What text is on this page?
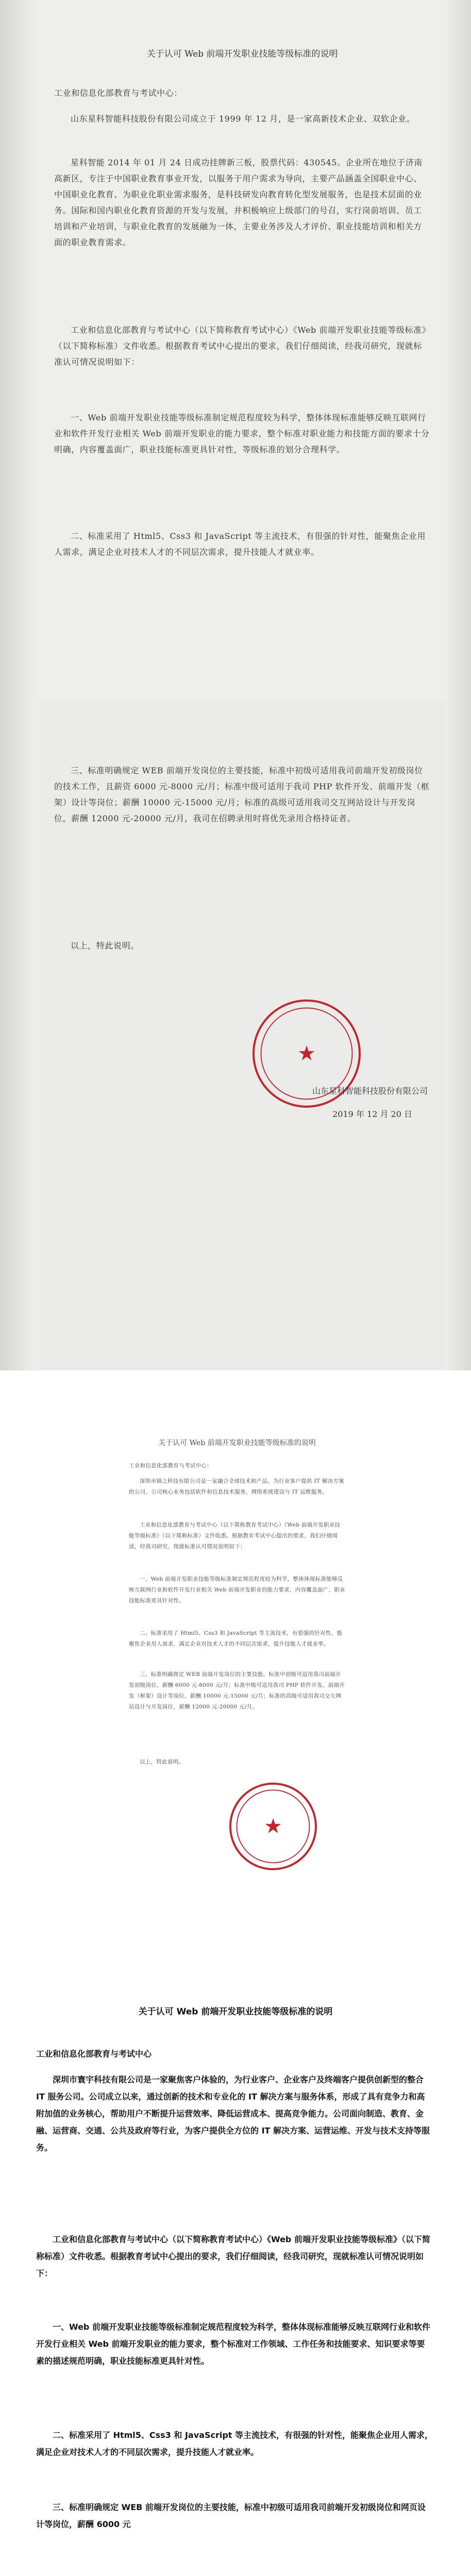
关于认可 Web 前端开发职业技能等级标准的说明

工业和信息化部教育与考试中心：

山东星科智能科技股份有限公司成立于 1999 年 12 月，是一家高新技术企业、双软企业。

星科智能 2014 年 01 月 24 日成功挂牌新三板，股票代码：430545。企业所在地位于济南高新区，专注于中国职业教育事业开发，以服务于用户需求为导向，主要产品涵盖全国职业中心、中国职业化教育、为职业化职业需求服务，是科技研发向教育转化型发展服务，也是技术层面的业务。国际和国内职业化教育资源的开发与发展，并积极响应上级部门的号召，实行岗前培训、员工培训和产业培训，与职业化教育的发展融为一体，主要业务涉及人才评价、职业技能培训和相关方面的职业教育需求。

工业和信息化部教育与考试中心（以下简称教育考试中心）《Web 前端开发职业技能等级标准》（以下简称标准）文件收悉。根据教育考试中心提出的要求，我们仔细阅读，经我司研究，现就标准认可情况说明如下：

一、Web 前端开发职业技能等级标准制定规范程度较为科学，整体体现标准能够反映互联网行业和软件开发行业相关 Web 前端开发职业的能力要求，整个标准对职业能力和技能方面的要求十分明确，内容覆盖面广，职业技能标准更具针对性，等级标准的划分合理科学。

二、标准采用了 Html5、Css3 和 JavaScript 等主流技术，有很强的针对性，能聚焦企业用人需求，满足企业对技术人才的不同层次需求，提升技能人才就业率。

三、标准明确规定 WEB 前端开发岗位的主要技能，标准中初级可适用我司前端开发初级岗位的技术工作，且薪资 6000 元-8000 元/月；标准中级可适用于我司 PHP 软件开发、前端开发（框架）设计等岗位；薪酬 10000 元-15000 元/月；标准的高级可适用我司交互网站设计与开发岗位，薪酬 12000 元-20000 元/月，我司在招聘录用时将优先录用合格持证者。

以上，特此说明。

★
山东星科智能科技股份有限公司
2019 年 12 月 20 日
关于认可 Web 前端开发职业技能等级标准的说明

工业和信息化部教育与考试中心：

深圳市锦之科技有限公司是一家融合全球技术和产品，为行业客户提供 IT 解决方案的公司，公司核心业务包括软件和信息技术服务、网络系统建设与 IT 运维服务。

工业和信息化部教育与考试中心（以下简称教育考试中心）《Web 前端开发职业技能等级标准》（以下简称标准）文件收悉。根据教育考试中心提出的要求，我们仔细阅读，经我司研究，现就标准认可情况说明如下：

一、Web 前端开发职业技能等级标准制定规范程度较为科学，整体体现标准能够反映互联网行业和软件开发行业相关 Web 前端开发职业的能力要求，内容覆盖面广，职业技能标准更具针对性。

二、标准采用了 Html5、Css3 和 JavaScript 等主流技术，有很强的针对性，能聚焦企业用人需求，满足企业对技术人才的不同层次需求，提升技能人才就业率。

三、标准明确规定 WEB 前端开发岗位的主要技能，标准中初级可适用我司前端开发初级岗位，薪酬 6000 元-8000 元/月；标准中级可适用我司 PHP 软件开发、前端开发（框架）设计等岗位，薪酬 10000 元-15000 元/月；标准的高级可适用我司交互网站设计与开发岗位，薪酬 12000 元-20000 元/月。

以上，特此说明。

★
关于认可 Web 前端开发职业技能等级标准的说明

工业和信息化部教育与考试中心

深圳市寰宇科技有限公司是一家聚焦客户体验的，为行业客户、企业客户及终端客户提供创新型的整合 IT 服务公司。公司成立以来，通过创新的技术和专业化的 IT 解决方案与服务体系，形成了具有竞争力和高附加值的业务核心，帮助用户不断提升运营效率、降低运营成本、提高竞争能力。公司面向制造、教育、金融、运营商、交通、公共及政府等行业，为客户提供全方位的 IT 解决方案、运营运维、开发与技术支持等服务。

工业和信息化部教育与考试中心（以下简称教育考试中心）《Web 前端开发职业技能等级标准》（以下简称标准）文件收悉。根据教育考试中心提出的要求，我们仔细阅读，经我司研究，现就标准认可情况说明如下：

一、Web 前端开发职业技能等级标准制定规范程度较为科学，整体体现标准能够反映互联网行业和软件开发行业相关 Web 前端开发职业的能力要求，整个标准对工作领域、工作任务和技能要求、知识要求等要素的描述规范明确，职业技能标准更具针对性。

二、标准采用了 Html5、Css3 和 JavaScript 等主流技术，有很强的针对性，能聚焦企业用人需求，满足企业对技术人才的不同层次需求，提升技能人才就业率。

三、标准明确规定 WEB 前端开发岗位的主要技能，标准中初级可适用我司前端开发初级岗位和网页设计等岗位，薪酬 6000 元
